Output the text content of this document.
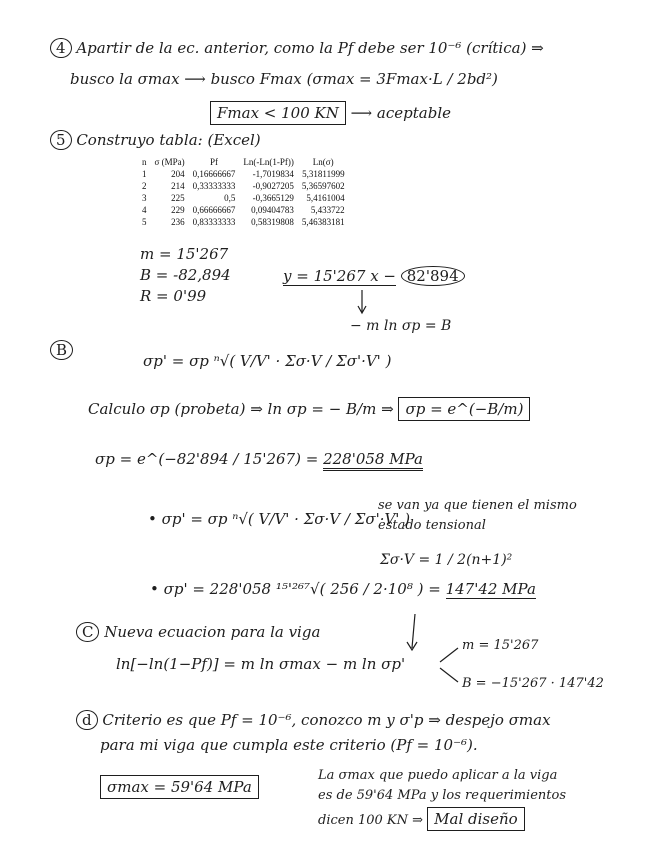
4 Apartir de la ec. anterior, como la Pf debe ser 10⁻⁶ (crítica) ⇒
busco la σmax ⟶ busco Fmax (σmax = 3Fmax·L / 2bd²)
Fmax < 100 KN ⟶ aceptable
5 Construyo tabla: (Excel)
n	σ (MPa)	Pf	Ln(-Ln(1-Pf))	Ln(σ)
1	204	0,16666667	-1,7019834	5,31811999
2	214	0,33333333	-0,9027205	5,36597602
3	225	0,5	-0,3665129	5,4161004
4	229	0,66666667	0,09404783	5,433722
5	236	0,83333333	0,58319808	5,46383181
m = 15'267
B = -82,894
R = 0'99
y = 15'267 x − 82'894
− m ln σp = B
B
σp' = σp ⁿ√( V/V' · Σσ·V / Σσ'·V' )
Calculo σp (probeta) ⇒ ln σp = − B/m ⇒ σp = e^(−B/m)
σp = e^(−82'894 / 15'267) = 228'058 MPa
• σp' = σp ⁿ√( V/V' · Σσ·V / Σσ'·V' )
se van ya que tienen el mismo
estado tensional
Σσ·V = 1 / 2(n+1)²
• σp' = 228'058 ¹⁵'²⁶⁷√( 256 / 2·10⁸ ) = 147'42 MPa
C Nueva ecuacion para la viga
ln[−ln(1−Pf)] = m ln σmax − m ln σp'
m = 15'267
B = −15'267 · 147'42
d Criterio es que Pf = 10⁻⁶, conozco m y σ'p ⇒ despejo σmax
para mi viga que cumpla este criterio (Pf = 10⁻⁶).
σmax = 59'64 MPa
La σmax que puedo aplicar a la viga
es de 59'64 MPa y los requerimientos
dicen 100 KN ⇒ Mal diseño
